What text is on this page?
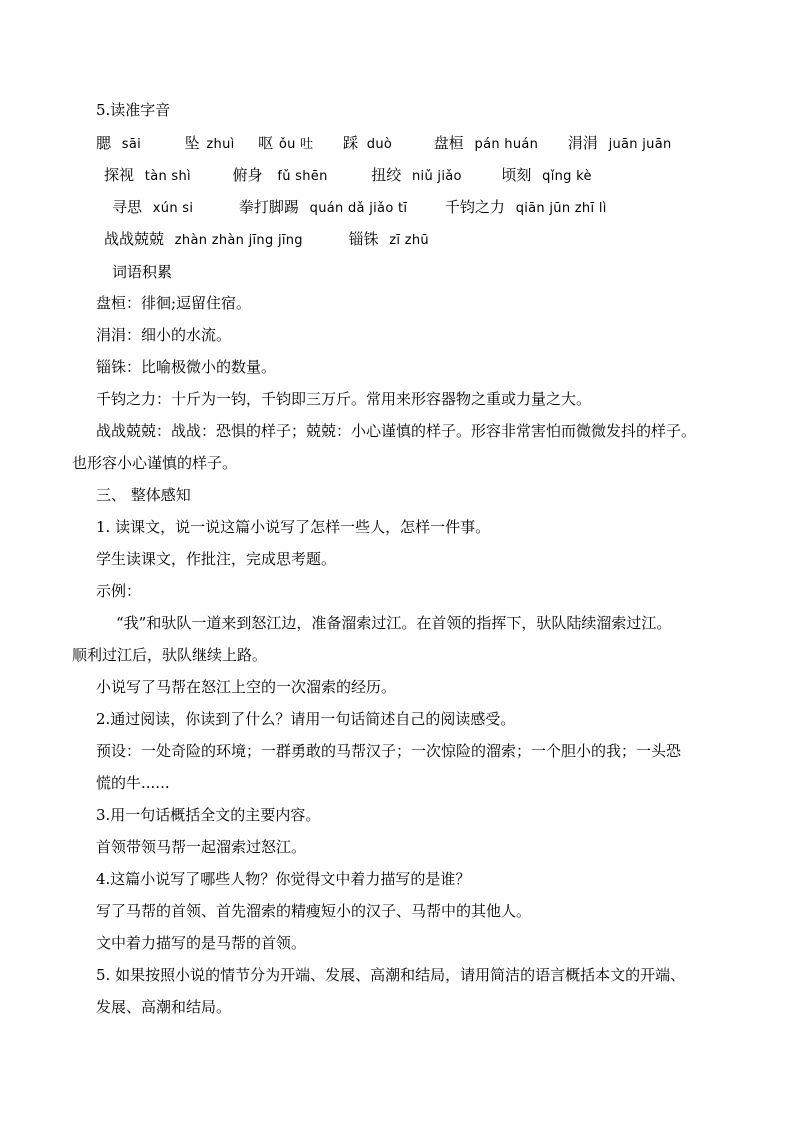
5.读准字音
腮 sāi	坠 zhuì 呕 ǒu 吐 踩 duò	盘桓 pán huán 涓涓 juān juān
探视 tàn shì	俯身 fǔ shēn	扭绞 niǔ jiǎo	顷刻 qǐng kè
寻思 xún si	拳打脚踢 quán dǎ jiǎo tī	千钧之力 qiān jūn zhī lì
战战兢兢 zhàn zhàn jīng jīng	锱铢 zī zhū
词语积累
盘桓：徘徊;逗留住宿。
涓涓：细小的水流。
锱铢：比喻极微小的数量。
千钧之力：十斤为一钧，千钧即三万斤。常用来形容器物之重或力量之大。
战战兢兢：战战：恐惧的样子；兢兢：小心谨慎的样子。形容非常害怕而微微发抖的样子。
也形容小心谨慎的样子。
三、 整体感知
1. 读课文，说一说这篇小说写了怎样一些人，怎样一件事。
学生读课文，作批注，完成思考题。
示例：
“我”和驮队一道来到怒江边，准备溜索过江。在首领的指挥下，驮队陆续溜索过江。
顺利过江后，驮队继续上路。
小说写了马帮在怒江上空的一次溜索的经历。
2.通过阅读，你读到了什么？请用一句话简述自己的阅读感受。
预设：一处奇险的环境；一群勇敢的马帮汉子；一次惊险的溜索；一个胆小的我；一头恐
慌的牛......
3.用一句话概括全文的主要内容。
首领带领马帮一起溜索过怒江。
4.这篇小说写了哪些人物？你觉得文中着力描写的是谁？
写了马帮的首领、首先溜索的精瘦短小的汉子、马帮中的其他人。
文中着力描写的是马帮的首领。
5. 如果按照小说的情节分为开端、发展、高潮和结局，请用简洁的语言概括本文的开端、
发展、高潮和结局。
